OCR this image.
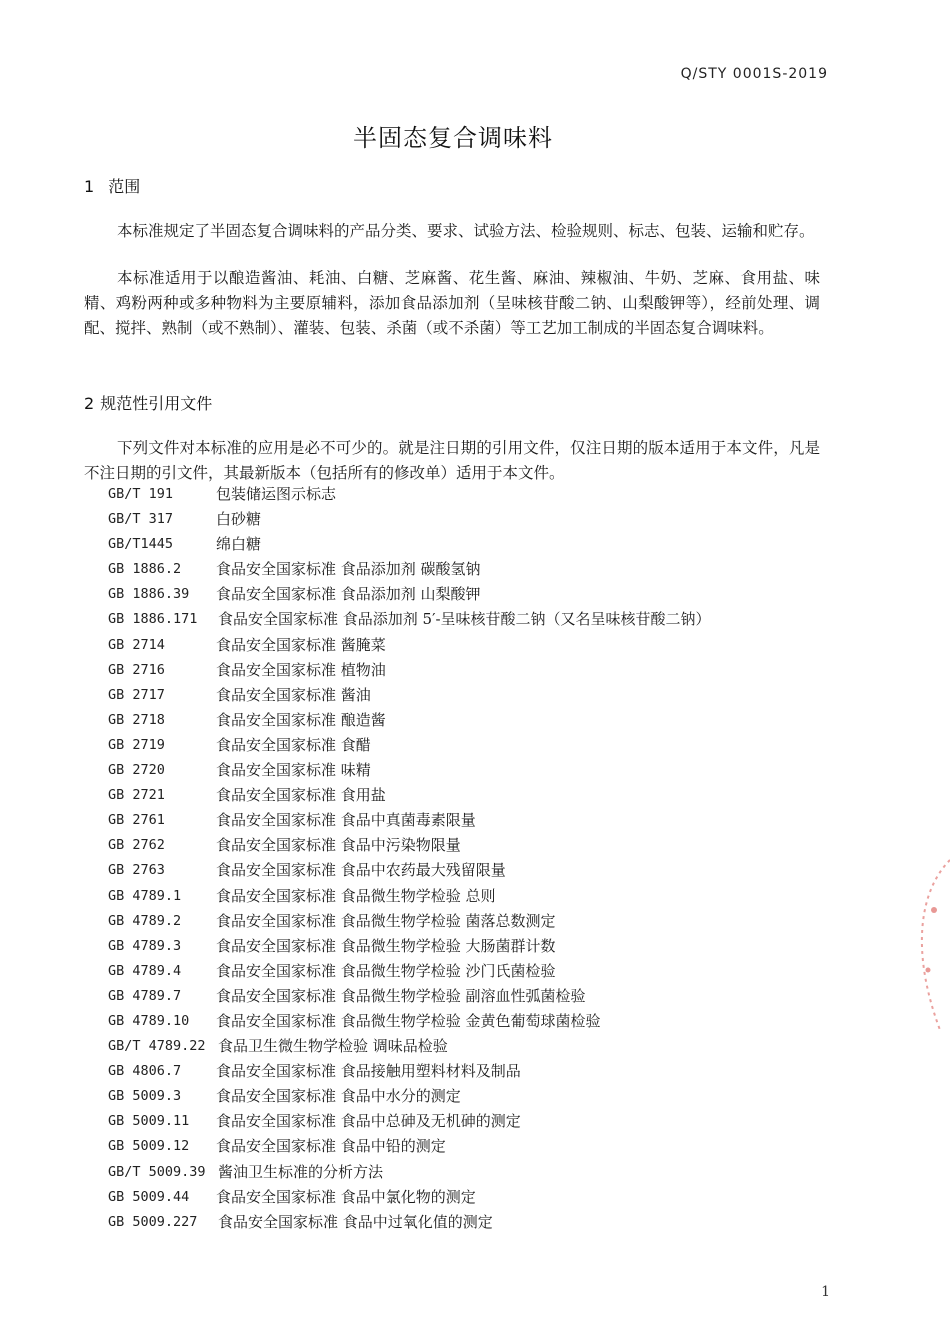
Q/STY 0001S-2019
半固态复合调味料
1 范围
本标准规定了半固态复合调味料的产品分类、要求、试验方法、检验规则、标志、包装、运输和贮存。
本标准适用于以酿造酱油、耗油、白糖、芝麻酱、花生酱、麻油、辣椒油、牛奶、芝麻、食用盐、味精、鸡粉两种或多种物料为主要原辅料，添加食品添加剂（呈味核苷酸二钠、山梨酸钾等），经前处理、调配、搅拌、熟制（或不熟制）、灌装、包装、杀菌（或不杀菌）等工艺加工制成的半固态复合调味料。
2 规范性引用文件
下列文件对本标准的应用是必不可少的。就是注日期的引用文件，仅注日期的版本适用于本文件，凡是不注日期的引文件，其最新版本（包括所有的修改单）适用于本文件。
GB/T 191	包装储运图示标志
GB/T 317	白砂糖
GB/T1445	绵白糖
GB 1886.2	食品安全国家标准 食品添加剂 碳酸氢钠
GB 1886.39	食品安全国家标准 食品添加剂 山梨酸钾
GB 1886.171	食品安全国家标准 食品添加剂 5′-呈味核苷酸二钠（又名呈味核苷酸二钠）
GB 2714	食品安全国家标准 酱腌菜
GB 2716	食品安全国家标准 植物油
GB 2717	食品安全国家标准 酱油
GB 2718	食品安全国家标准 酿造酱
GB 2719	食品安全国家标准 食醋
GB 2720	食品安全国家标准 味精
GB 2721	食品安全国家标准 食用盐
GB 2761	食品安全国家标准 食品中真菌毒素限量
GB 2762	食品安全国家标准 食品中污染物限量
GB 2763	食品安全国家标准 食品中农药最大残留限量
GB 4789.1	食品安全国家标准 食品微生物学检验 总则
GB 4789.2	食品安全国家标准 食品微生物学检验 菌落总数测定
GB 4789.3	食品安全国家标准 食品微生物学检验 大肠菌群计数
GB 4789.4	食品安全国家标准 食品微生物学检验 沙门氏菌检验
GB 4789.7	食品安全国家标准 食品微生物学检验 副溶血性弧菌检验
GB 4789.10	食品安全国家标准 食品微生物学检验 金黄色葡萄球菌检验
GB/T 4789.22 食品卫生微生物学检验 调味品检验
GB 4806.7	食品安全国家标准 食品接触用塑料材料及制品
GB 5009.3	食品安全国家标准 食品中水分的测定
GB 5009.11	食品安全国家标准 食品中总砷及无机砷的测定
GB 5009.12	食品安全国家标准 食品中铅的测定
GB/T 5009.39 酱油卫生标准的分析方法
GB 5009.44	食品安全国家标准 食品中氯化物的测定
GB 5009.227	食品安全国家标准 食品中过氧化值的测定
1
